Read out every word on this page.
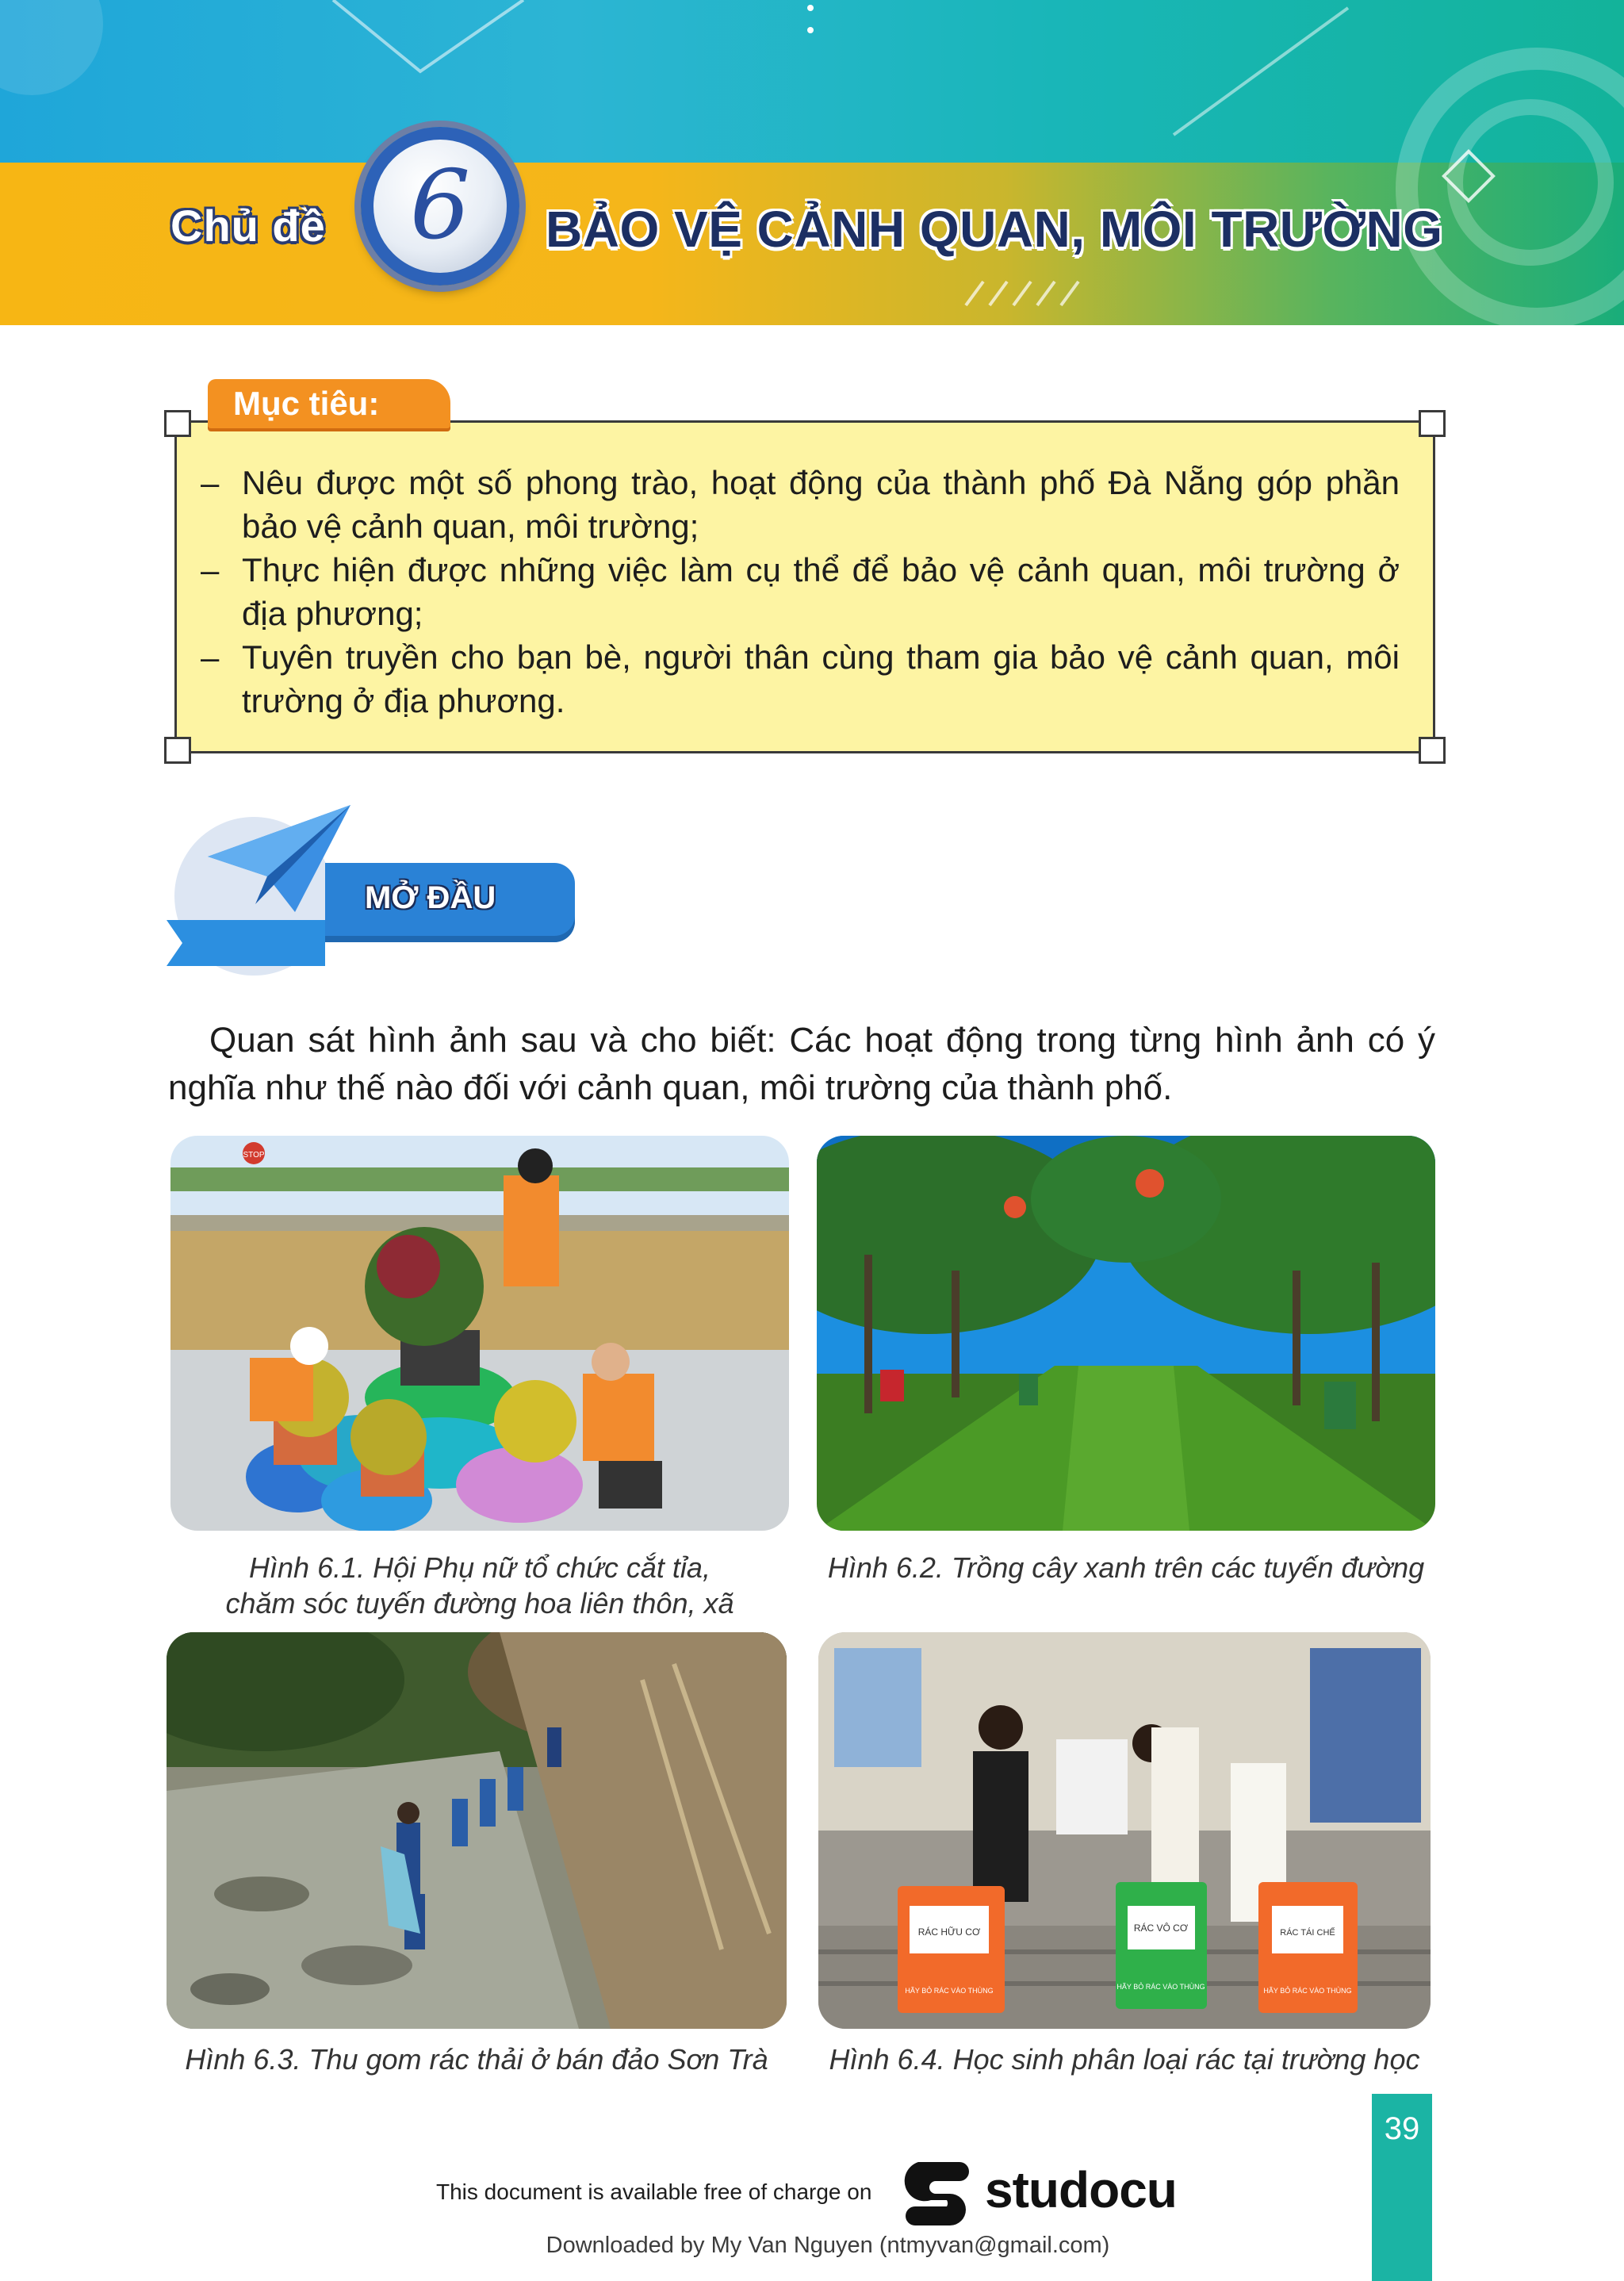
Chủ đề 6 BẢO VỆ CẢNH QUAN, MÔI TRƯỜNG
– Nêu được một số phong trào, hoạt động của thành phố Đà Nẵng góp phần bảo vệ cảnh quan, môi trường;
– Thực hiện được những việc làm cụ thể để bảo vệ cảnh quan, môi trường ở địa phương;
– Tuyên truyền cho bạn bè, người thân cùng tham gia bảo vệ cảnh quan, môi trường ở địa phương.
Mục tiêu:
MỞ ĐẦU
Quan sát hình ảnh sau và cho biết: Các hoạt động trong từng hình ảnh có ý nghĩa như thế nào đối với cảnh quan, môi trường của thành phố.
STOP
Hình 6.1. Hội Phụ nữ tổ chức cắt tỉa,
chăm sóc tuyến đường hoa liên thôn, xã
Hình 6.2. Trồng cây xanh trên các tuyến đường
Hình 6.3. Thu gom rác thải ở bán đảo Sơn Trà
RÁC HỮU CƠ	RÁC VÔ CƠ	RÁC TÁI CHẾ
HÃY BỎ RÁC VÀO THÙNG	HÃY BỎ RÁC VÀO THÙNG	HÃY BỎ RÁC VÀO THÙNG
Hình 6.4. Học sinh phân loại rác tại trường học
39
This document is available free of charge on studocu
Downloaded by My Van Nguyen (ntmyvan@gmail.com)
